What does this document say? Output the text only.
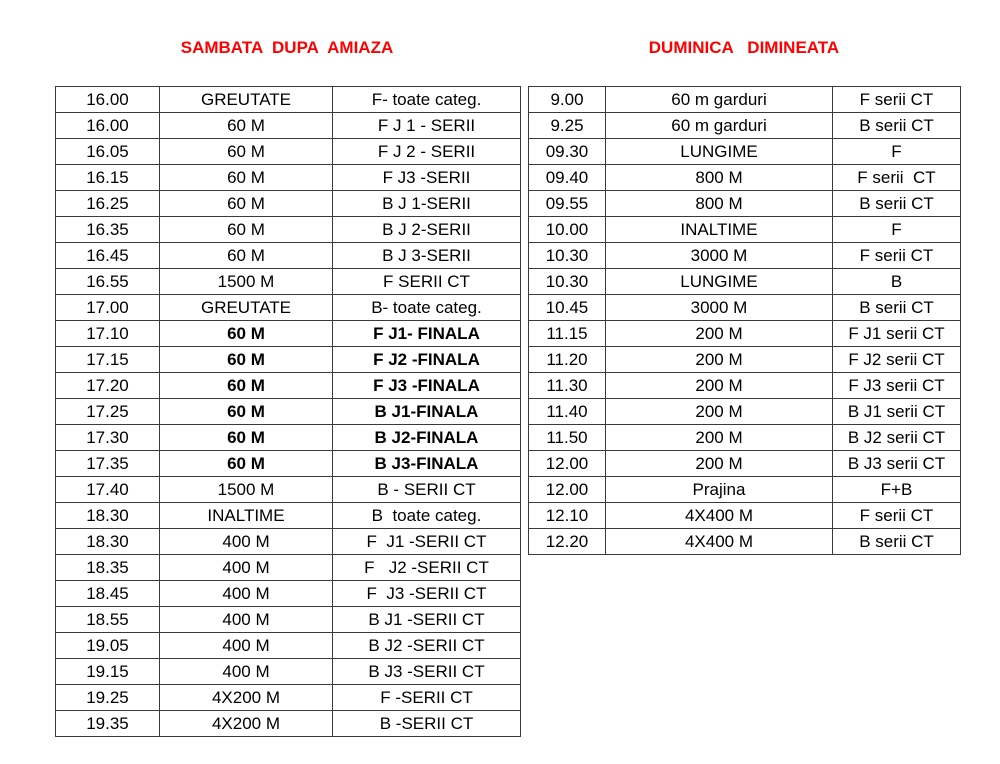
SAMBATA  DUPA  AMIAZA	DUMINICA   DIMINEATA
16.00	GREUTATE	F- toate categ.
16.00	60 M	F J 1 - SERII
16.05	60 M	F J 2 - SERII
16.15	60 M	F J3 -SERII
16.25	60 M	B J 1-SERII
16.35	60 M	B J 2-SERII
16.45	60 M	B J 3-SERII
16.55	1500 M	F SERII CT
17.00	GREUTATE	B- toate categ.
17.10	60 M	F J1- FINALA
17.15	60 M	F J2 -FINALA
17.20	60 M	F J3 -FINALA
17.25	60 M	B J1-FINALA
17.30	60 M	B J2-FINALA
17.35	60 M	B J3-FINALA
17.40	1500 M	B - SERII CT
18.30	INALTIME	B  toate categ.
18.30	400 M	F  J1 -SERII CT
18.35	400 M	F   J2 -SERII CT
18.45	400 M	F  J3 -SERII CT
18.55	400 M	B J1 -SERII CT
19.05	400 M	B J2 -SERII CT
19.15	400 M	B J3 -SERII CT
19.25	4X200 M	F -SERII CT
19.35	4X200 M	B -SERII CT
9.00	60 m garduri	F serii CT
9.25	60 m garduri	B serii CT
09.30	LUNGIME	F
09.40	800 M	F serii  CT
09.55	800 M	B serii CT
10.00	INALTIME	F
10.30	3000 M	F serii CT
10.30	LUNGIME	B
10.45	3000 M	B serii CT
11.15	200 M	F J1 serii CT
11.20	200 M	F J2 serii CT
11.30	200 M	F J3 serii CT
11.40	200 M	B J1 serii CT
11.50	200 M	B J2 serii CT
12.00	200 M	B J3 serii CT
12.00	Prajina	F+B
12.10	4X400 M	F serii CT
12.20	4X400 M	B serii CT
